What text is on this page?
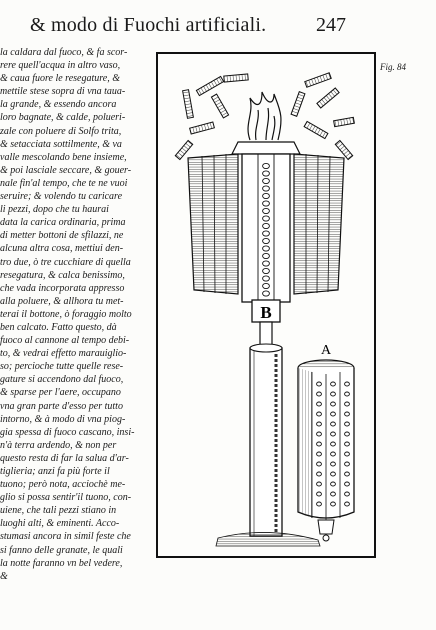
& modo di Fuochi artificiali. 247
la caldara dal fuoco, & fa scor-
rere quell'acqua in altro vaso,
& caua fuore le resegature, &
mettile stese sopra di vna taua-
la grande, & essendo ancora
loro bagnate, & calde, polueri-
zale con poluere di Solfo trita,
& setacciata sottilmente, & va
valle mescolando bene insieme,
& poi lasciale seccare, & gouer-
nale fin'al tempo, che te ne vuoi
seruire; & volendo tu caricare
li pezzi, dopo che tu haurai
data la carica ordinaria, prima
di metter bottoni de sfilazzi, ne
alcuna altra cosa, mettiui den-
tro due, ò tre cucchiare di quella
resegatura, & calca benissimo,
che vada incorporata appresso
alla poluere, & allhora tu met-
terai il bottone, ò foraggio molto
ben calcato. Fatto questo, dà
fuoco al cannone al tempo debi-
to, & vedrai effetto marauiglio-
so; percioche tutte quelle rese-
gature si accendono dal fuoco,
& sparse per l'aere, occupano
vna gran parte d'esso per tutto
intorno, & à modo di vna piog-
gia spessa di fuoco cascano, insi-
n'à terra ardendo, & non per
questo resta di far la salua d'ar-
tiglieria; anzi fa più forte il
tuono; però nota, acciochè me-
glio si possa sentir'il tuono, con-
uiene, che tali pezzi stiano in
luoghi alti, & eminenti. Acco-
stumasi ancora in simil feste che
si fanno delle granate, le quali
la notte faranno vn bel vedere,
&
Fig. 84
B
A
